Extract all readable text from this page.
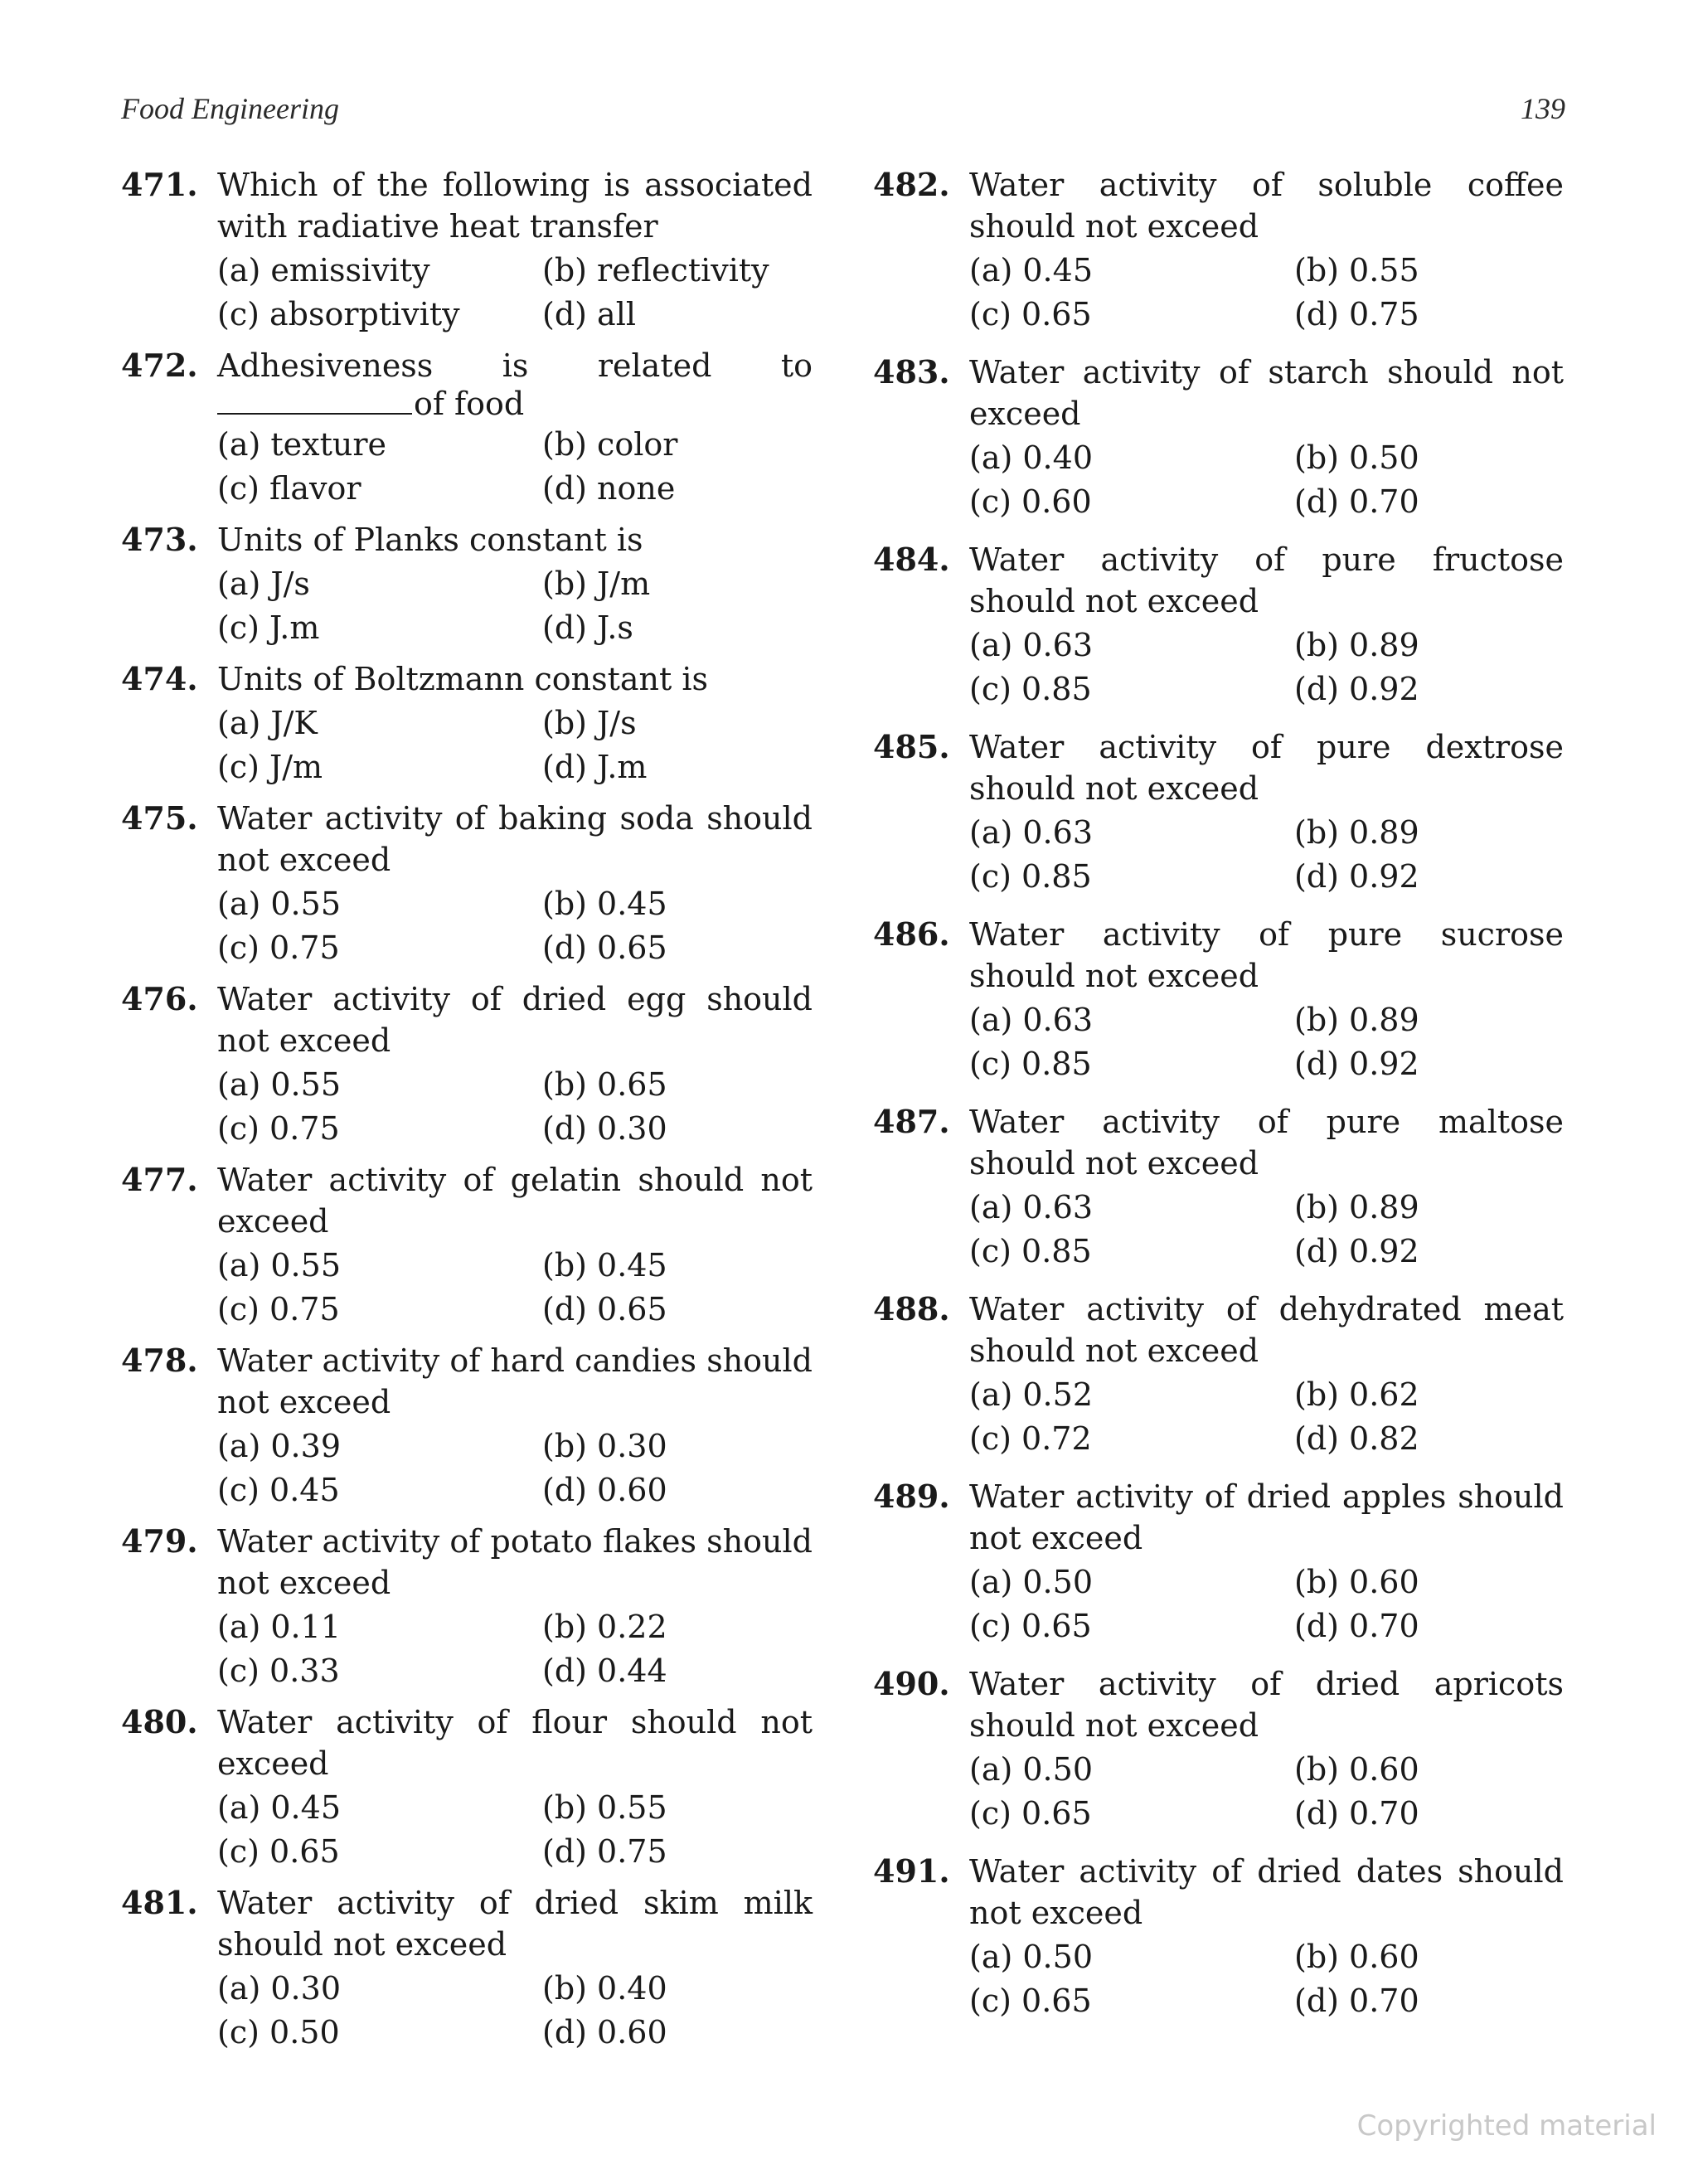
Food Engineering	139
471. Which of the following is associated with radiative heat transfer
(a) emissivity	(b) reflectivity
(c) absorptivity	(d) all
472. Adhesiveness is related to
of food
(a) texture	(b) color
(c) flavor	(d) none
473. Units of Planks constant is
(a) J/s	(b) J/m
(c) J.m	(d) J.s
474. Units of Boltzmann constant is
(a) J/K	(b) J/s
(c) J/m	(d) J.m
475. Water activity of baking soda should not exceed
(a) 0.55	(b) 0.45
(c) 0.75	(d) 0.65
476. Water activity of dried egg should not exceed
(a) 0.55	(b) 0.65
(c) 0.75	(d) 0.30
477. Water activity of gelatin should not exceed
(a) 0.55	(b) 0.45
(c) 0.75	(d) 0.65
478. Water activity of hard candies should not exceed
(a) 0.39	(b) 0.30
(c) 0.45	(d) 0.60
479. Water activity of potato flakes should not exceed
(a) 0.11	(b) 0.22
(c) 0.33	(d) 0.44
480. Water activity of flour should not exceed
(a) 0.45	(b) 0.55
(c) 0.65	(d) 0.75
481. Water activity of dried skim milk should not exceed
(a) 0.30	(b) 0.40
(c) 0.50	(d) 0.60
482. Water activity of soluble coffee should not exceed
(a) 0.45	(b) 0.55
(c) 0.65	(d) 0.75
483. Water activity of starch should not exceed
(a) 0.40	(b) 0.50
(c) 0.60	(d) 0.70
484. Water activity of pure fructose should not exceed
(a) 0.63	(b) 0.89
(c) 0.85	(d) 0.92
485. Water activity of pure dextrose should not exceed
(a) 0.63	(b) 0.89
(c) 0.85	(d) 0.92
486. Water activity of pure sucrose should not exceed
(a) 0.63	(b) 0.89
(c) 0.85	(d) 0.92
487. Water activity of pure maltose should not exceed
(a) 0.63	(b) 0.89
(c) 0.85	(d) 0.92
488. Water activity of dehydrated meat should not exceed
(a) 0.52	(b) 0.62
(c) 0.72	(d) 0.82
489. Water activity of dried apples should not exceed
(a) 0.50	(b) 0.60
(c) 0.65	(d) 0.70
490. Water activity of dried apricots should not exceed
(a) 0.50	(b) 0.60
(c) 0.65	(d) 0.70
491. Water activity of dried dates should not exceed
(a) 0.50	(b) 0.60
(c) 0.65	(d) 0.70
Copyrighted material
